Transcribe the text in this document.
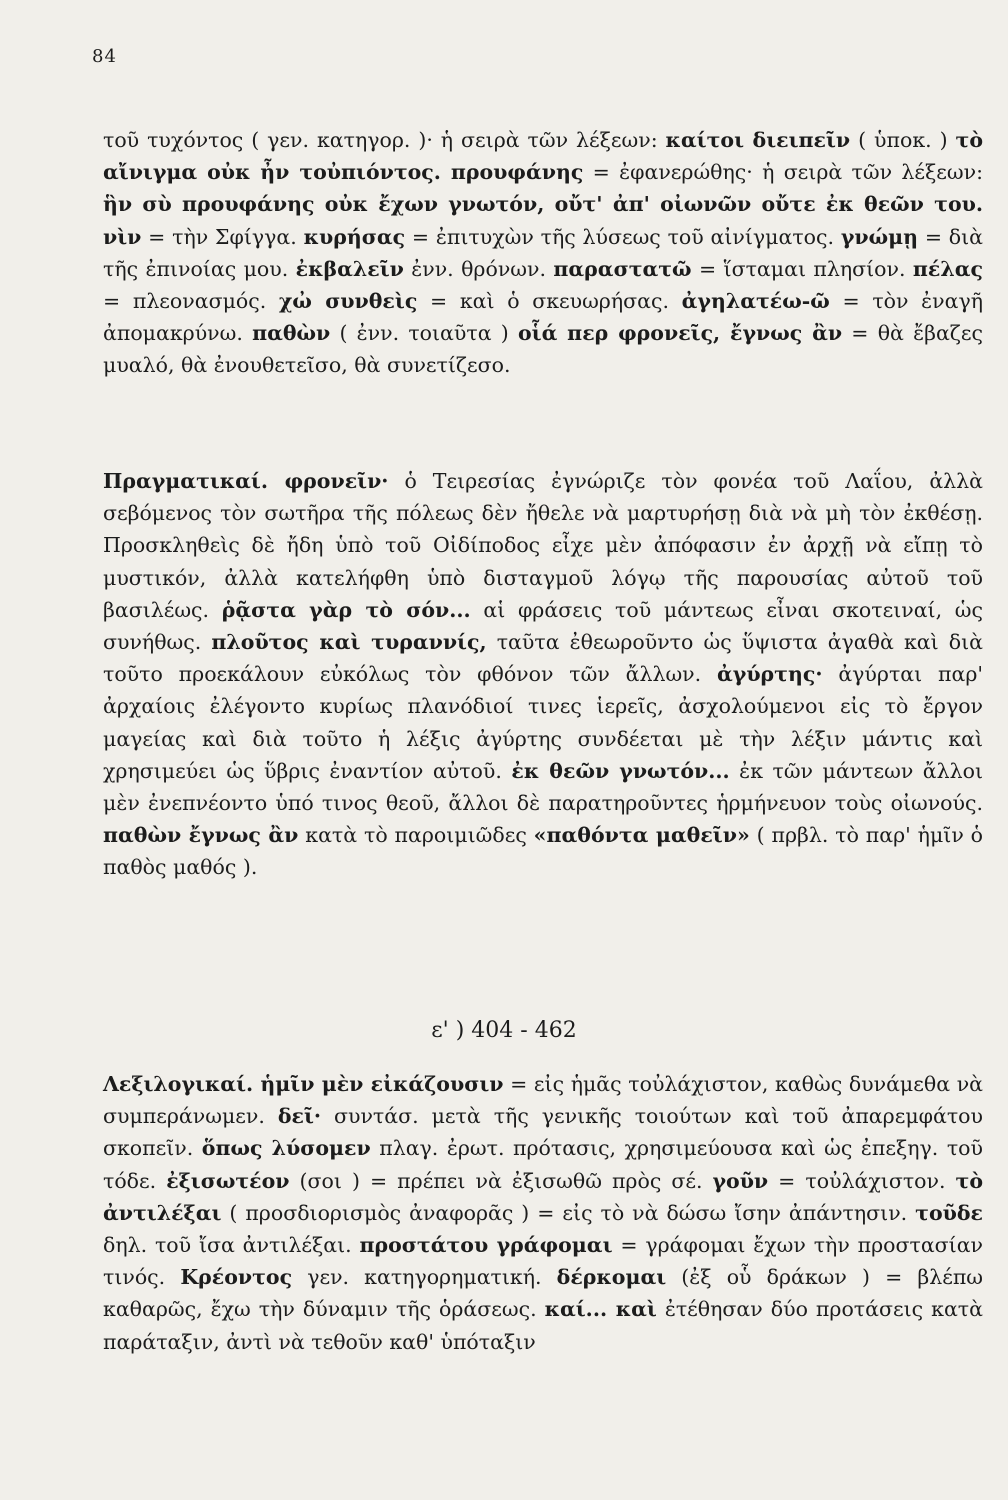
84

τοῦ τυχόντος ( γεν. κατηγορ. )· ἡ σειρὰ τῶν λέξεων: καίτοι διειπεῖν ( ὑποκ. ) τὸ αἴνιγμα οὐκ ἦν τοὐπιόντος. προυφάνης = ἐφανερώθης· ἡ σειρὰ τῶν λέξεων: ἣν σὺ προυφάνης οὐκ ἔχων γνωτόν, οὔτ' ἀπ' οἰωνῶν οὔτε ἐκ θεῶν του. νὶν = τὴν Σφίγγα. κυρήσας = ἐπιτυχὼν τῆς λύσεως τοῦ αἰνίγματος. γνώμῃ = διὰ τῆς ἐπινοίας μου. ἐκβαλεῖν ἐνν. θρόνων. παραστατῶ = ἵσταμαι πλησίον. πέλας = πλεονασμός. χὠ συνθεὶς = καὶ ὁ σκευωρήσας. ἀγηλατέω-ῶ = τὸν ἐναγῆ ἀπομακρύνω. παθὼν ( ἐνν. τοιαῦτα ) οἷά περ φρονεῖς, ἔγνως ἂν = θὰ ἔβαζες μυαλό, θὰ ἐνουθετεῖσο, θὰ συνετίζεσο.

Πραγματικαί. φρονεῖν· ὁ Τειρεσίας ἐγνώριζε τὸν φονέα τοῦ Λαΐου, ἀλλὰ σεβόμενος τὸν σωτῆρα τῆς πόλεως δὲν ἤθελε νὰ μαρτυρήσῃ διὰ νὰ μὴ τὸν ἐκθέσῃ. Προσκληθεὶς δὲ ἤδη ὑπὸ τοῦ Οἰδίποδος εἶχε μὲν ἀπόφασιν ἐν ἀρχῇ νὰ εἴπῃ τὸ μυστικόν, ἀλλὰ κατελήφθη ὑπὸ δισταγμοῦ λόγῳ τῆς παρουσίας αὐτοῦ τοῦ βασιλέως. ῥᾷστα γὰρ τὸ σόν... αἱ φράσεις τοῦ μάντεως εἶναι σκοτειναί, ὡς συνήθως. πλοῦτος καὶ τυραννίς, ταῦτα ἐθεωροῦντο ὡς ὕψιστα ἀγαθὰ καὶ διὰ τοῦτο προεκάλουν εὐκόλως τὸν φθόνον τῶν ἄλλων. ἀγύρτης· ἀγύρται παρ' ἀρχαίοις ἐλέγοντο κυρίως πλανόδιοί τινες ἱερεῖς, ἀσχολούμενοι εἰς τὸ ἔργον μαγείας καὶ διὰ τοῦτο ἡ λέξις ἀγύρτης συνδέεται μὲ τὴν λέξιν μάντις καὶ χρησιμεύει ὡς ὕβρις ἐναντίον αὐτοῦ. ἐκ θεῶν γνωτόν... ἐκ τῶν μάντεων ἄλλοι μὲν ἐνεπνέοντο ὑπό τινος θεοῦ, ἄλλοι δὲ παρατηροῦντες ἡρμήνευον τοὺς οἰωνούς. παθὼν ἔγνως ἂν κατὰ τὸ παροιμιῶδες «παθόντα μαθεῖν» ( πρβλ. τὸ παρ' ἡμῖν ὁ παθὸς μαθός ).

ε' ) 404 - 462

Λεξιλογικαί. ἡμῖν μὲν εἰκάζουσιν = εἰς ἡμᾶς τοὐλάχιστον, καθὼς δυνάμεθα νὰ συμπεράνωμεν. δεῖ· συντάσ. μετὰ τῆς γενικῆς τοιούτων καὶ τοῦ ἀπαρεμφάτου σκοπεῖν. ὅπως λύσομεν πλαγ. ἐρωτ. πρότασις, χρησιμεύουσα καὶ ὡς ἐπεξηγ. τοῦ τόδε. ἐξισωτέον (σοι ) = πρέπει νὰ ἐξισωθῶ πρὸς σέ. γοῦν = τοὐλάχιστον. τὸ ἀντιλέξαι ( προσδιορισμὸς ἀναφορᾶς ) = εἰς τὸ νὰ δώσω ἴσην ἀπάντησιν. τοῦδε δηλ. τοῦ ἴσα ἀντιλέξαι. προστάτου γράφομαι = γράφομαι ἔχων τὴν προστασίαν τινός. Κρέοντος γεν. κατηγορηματική. δέρκομαι (ἐξ οὗ δράκων ) = βλέπω καθαρῶς, ἔχω τὴν δύναμιν τῆς ὁράσεως. καί... καὶ ἐτέθησαν δύο προτάσεις κατὰ παράταξιν, ἀντὶ νὰ τεθοῦν καθ' ὑπόταξιν
